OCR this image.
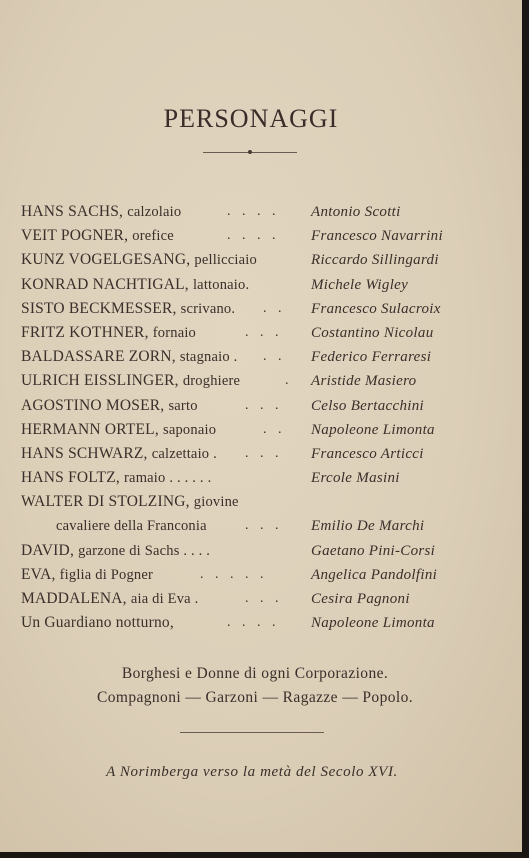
PERSONAGGI
HANS SACHS, calzolaio	. . . . Antonio Scotti
VEIT POGNER, orefice	. . . . Francesco Navarrini
KUNZ VOGELGESANG, pellicciaio	Riccardo Sillingardi
KONRAD NACHTIGAL, lattonaio.	Michele Wigley
SISTO BECKMESSER, scrivano. . . Francesco Sulacroix
FRITZ KOTHNER, fornaio	. . . Costantino Nicolau
BALDASSARE ZORN, stagnaio . . . Federico Ferraresi
ULRICH EISSLINGER, droghiere	. Aristide Masiero
AGOSTINO MOSER, sarto	. . . Celso Bertacchini
HERMANN ORTEL, saponaio	. . Napoleone Limonta
HANS SCHWARZ, calzettaio . . . . Francesco Articci
HANS FOLTZ, ramaio . . . . . .	Ercole Masini
WALTER DI STOLZING, giovine
cavaliere della Franconia	. . . Emilio De Marchi
DAVID, garzone di Sachs . . . .	Gaetano Pini-Corsi
EVA, figlia di Pogner	. . . . .	Angelica Pandolfini
MADDALENA, aia di Eva .	. . . Cesira Pagnoni
Un Guardiano notturno,	. . . . Napoleone Limonta
Borghesi e Donne di ogni Corporazione.
Compagnoni — Garzoni — Ragazze — Popolo.
A Norimberga verso la metà del Secolo XVI.
